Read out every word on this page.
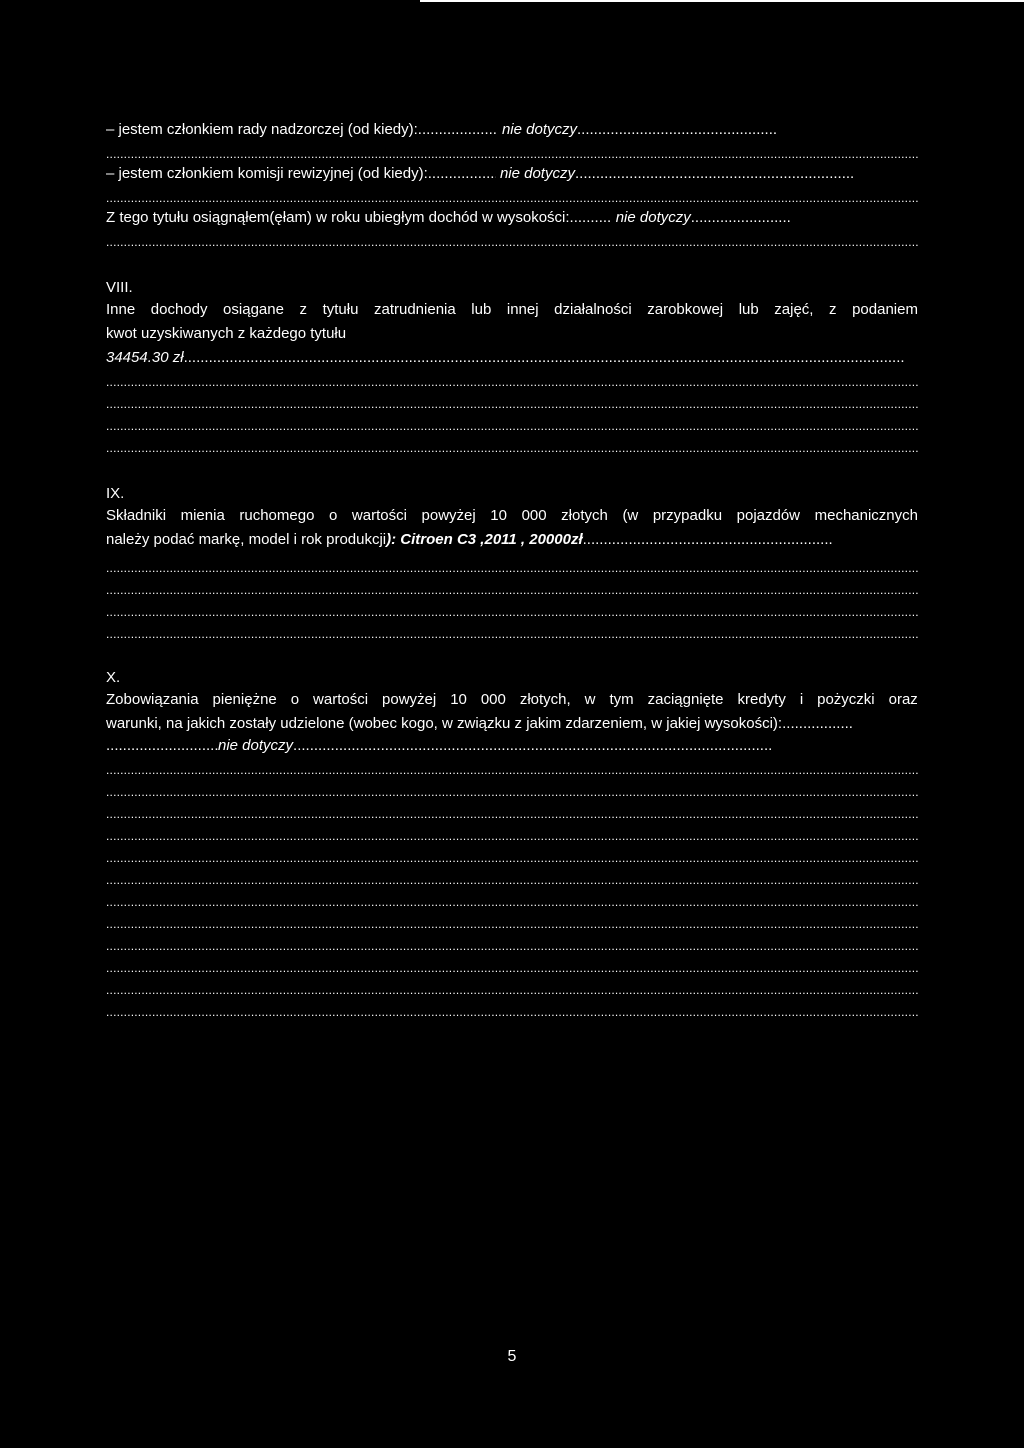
– jestem członkiem rady nadzorczej (od kiedy): .....	nie dotyczy.....
.....
– jestem członkiem komisji rewizyjnej (od kiedy): .....	nie dotyczy.....
.....
Z tego tytułu osiągnąłem(ęłam) w roku ubiegłym dochód w wysokości: .....	nie dotyczy.....
.....
VIII.
Inne dochody osiągane z tytułu zatrudnienia lub innej działalności zarobkowej lub zajęć, z podaniem
kwot uzyskiwanych z każdego tytułu
34454.30 zł.....
.....
.....
.....
.....
IX.
Składniki mienia ruchomego o wartości powyżej 10 000 złotych (w przypadku pojazdów mechanicznych
należy podać markę, model i rok produkcji): Citroen C3 ,2011 , 20000zł.....
.....
.....
.....
.....
X.
Zobowiązania pieniężne o wartości powyżej 10 000 złotych, w tym zaciągnięte kredyty i pożyczki oraz
warunki, na jakich zostały udzielone (wobec kogo, w związku z jakim zdarzeniem, w jakiej wysokości):.....
.....nie dotyczy.....
.....
.....
.....
.....
.....
.....
.....
.....
.....
.....
.....
.....
5
